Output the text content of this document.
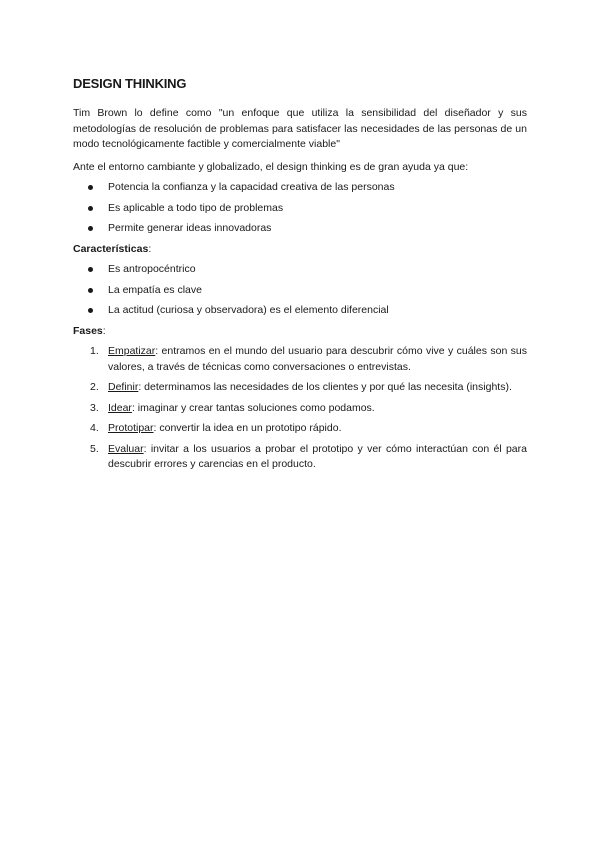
DESIGN THINKING

Tim Brown lo define como "un enfoque que utiliza la sensibilidad del diseñador y sus metodologías de resolución de problemas para satisfacer las necesidades de las personas de un modo tecnológicamente factible y comercialmente viable"

Ante el entorno cambiante y globalizado, el design thinking es de gran ayuda ya que:

Potencia la confianza y la capacidad creativa de las personas
Es aplicable a todo tipo de problemas
Permite generar ideas innovadoras
Características:
Es antropocéntrico
La empatía es clave
La actitud (curiosa y observadora) es el elemento diferencial
Fases:
1. Empatizar: entramos en el mundo del usuario para descubrir cómo vive y cuáles son sus valores, a través de técnicas como conversaciones o entrevistas.
2. Definir: determinamos las necesidades de los clientes y por qué las necesita (insights).
3. Idear: imaginar y crear tantas soluciones como podamos.
4. Prototipar: convertir la idea en un prototipo rápido.
5. Evaluar: invitar a los usuarios a probar el prototipo y ver cómo interactúan con él para descubrir errores y carencias en el producto.
